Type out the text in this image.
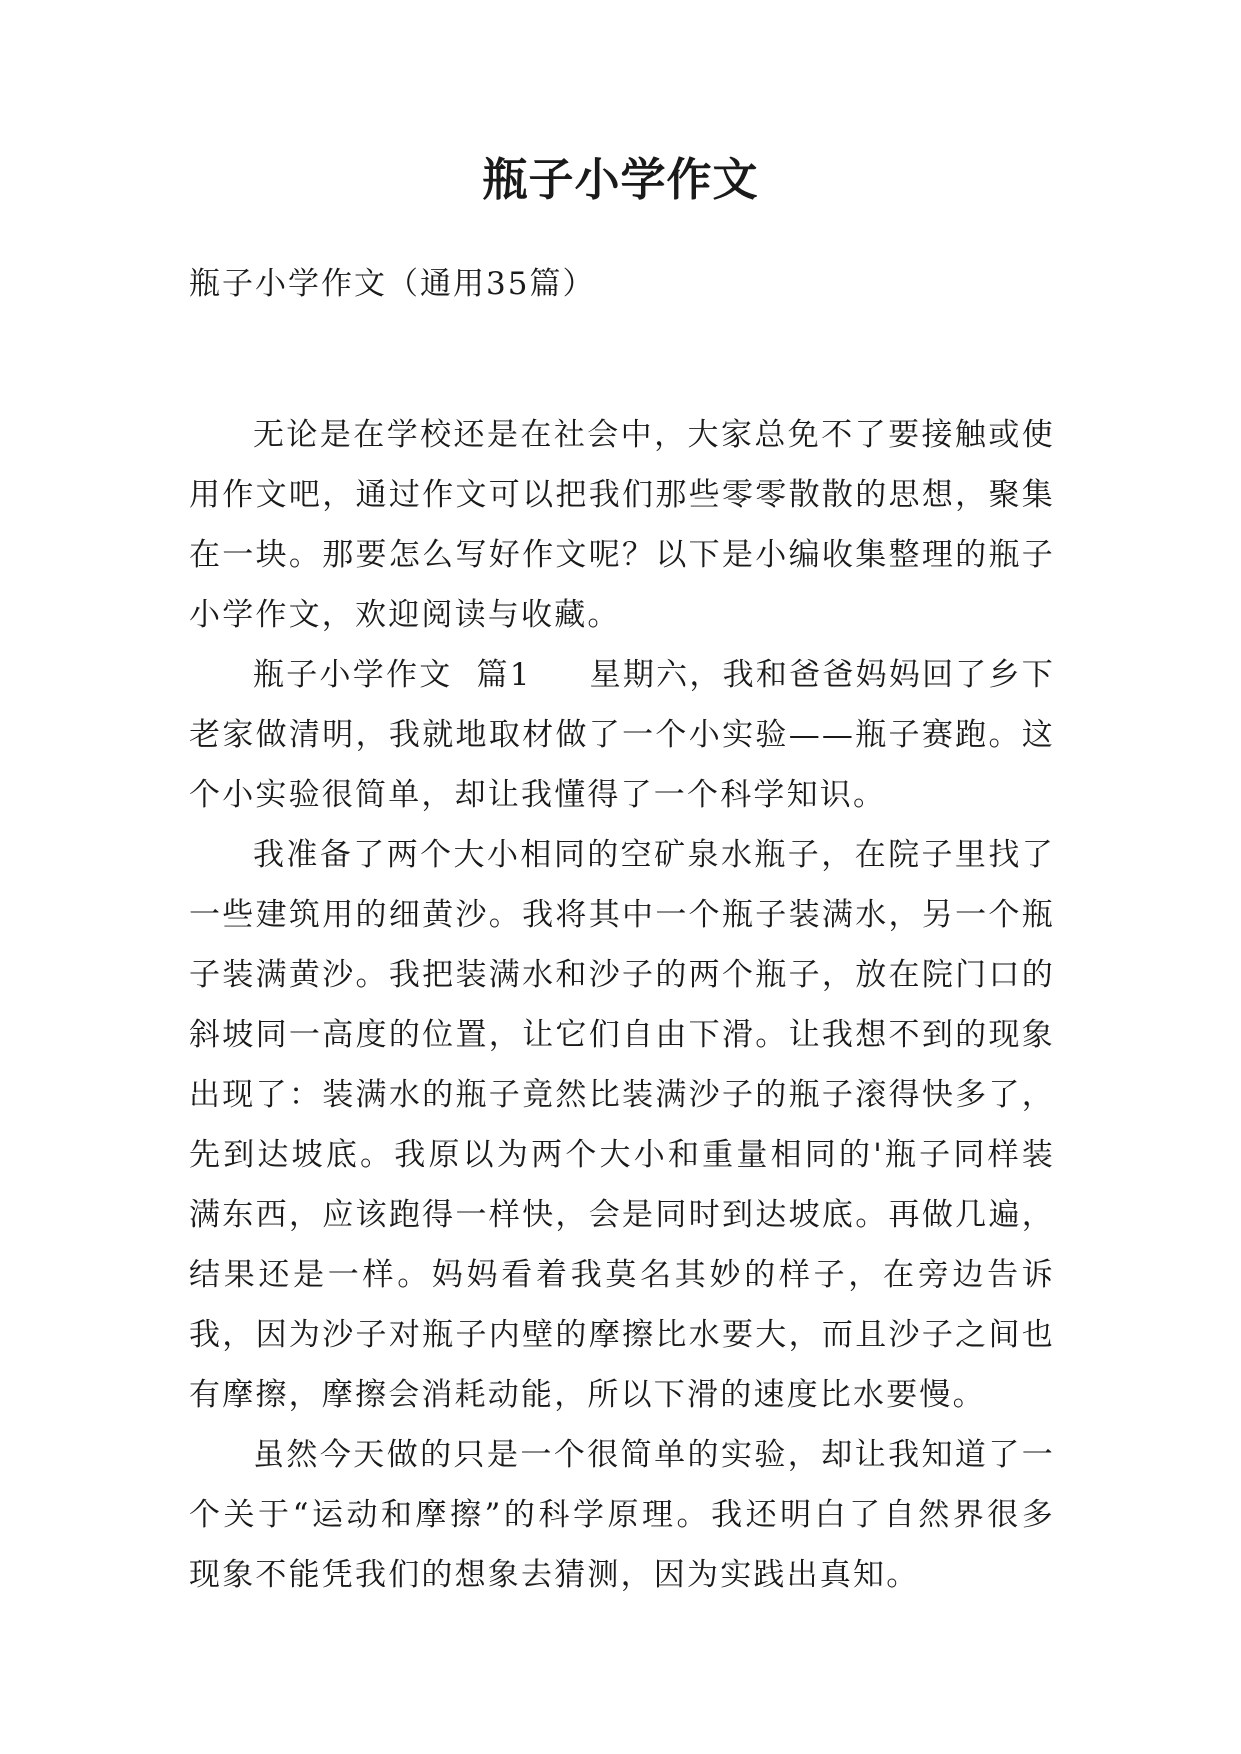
瓶子小学作文

瓶子小学作文（通用35篇）

无论是在学校还是在社会中，大家总免不了要接触或使用作文吧，通过作文可以把我们那些零零散散的思想，聚集在一块。那要怎么写好作文呢？以下是小编收集整理的瓶子小学作文，欢迎阅读与收藏。

瓶子小学作文 篇1 星期六，我和爸爸妈妈回了乡下老家做清明，我就地取材做了一个小实验——瓶子赛跑。这个小实验很简单，却让我懂得了一个科学知识。

我准备了两个大小相同的空矿泉水瓶子，在院子里找了一些建筑用的细黄沙。我将其中一个瓶子装满水，另一个瓶子装满黄沙。我把装满水和沙子的两个瓶子，放在院门口的斜坡同一高度的位置，让它们自由下滑。让我想不到的现象出现了：装满水的瓶子竟然比装满沙子的瓶子滚得快多了，先到达坡底。我原以为两个大小和重量相同的'瓶子同样装满东西，应该跑得一样快，会是同时到达坡底。再做几遍，结果还是一样。妈妈看着我莫名其妙的样子，在旁边告诉我，因为沙子对瓶子内壁的摩擦比水要大，而且沙子之间也有摩擦，摩擦会消耗动能，所以下滑的速度比水要慢。

虽然今天做的只是一个很简单的实验，却让我知道了一个关于“运动和摩擦”的科学原理。我还明白了自然界很多现象不能凭我们的想象去猜测，因为实践出真知。
